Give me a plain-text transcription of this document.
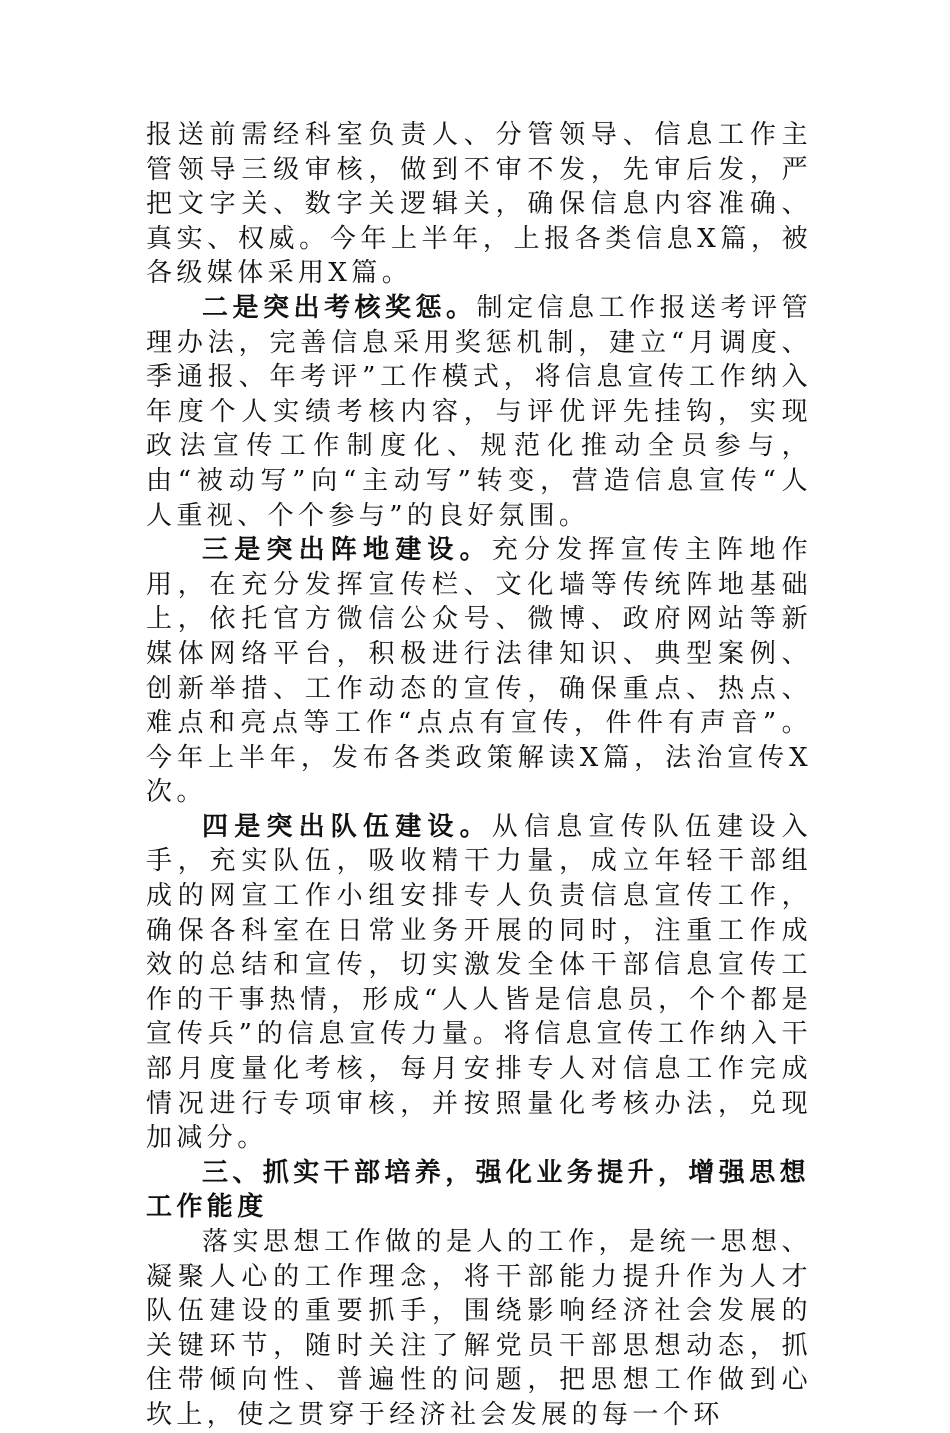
报送前需经科室负责人、分管领导、信息工作主管领导三级审核，做到不审不发，先审后发，严把文字关、数字关逻辑关，确保信息内容准确、真实、权威。今年上半年，上报各类信息X篇，被各级媒体采用X篇。

二是突出考核奖惩。制定信息工作报送考评管理办法，完善信息采用奖惩机制，建立“月调度、季通报、年考评”工作模式，将信息宣传工作纳入年度个人实绩考核内容，与评优评先挂钩，实现政法宣传工作制度化、规范化推动全员参与，由“被动写”向“主动写”转变，营造信息宣传“人人重视、个个参与”的良好氛围。

三是突出阵地建设。充分发挥宣传主阵地作用，在充分发挥宣传栏、文化墙等传统阵地基础上，依托官方微信公众号、微博、政府网站等新媒体网络平台，积极进行法律知识、典型案例、创新举措、工作动态的宣传，确保重点、热点、难点和亮点等工作“点点有宣传，件件有声音”。今年上半年，发布各类政策解读X篇，法治宣传X次。

四是突出队伍建设。从信息宣传队伍建设入手，充实队伍，吸收精干力量，成立年轻干部组成的网宣工作小组安排专人负责信息宣传工作，确保各科室在日常业务开展的同时，注重工作成效的总结和宣传，切实激发全体干部信息宣传工作的干事热情，形成“人人皆是信息员，个个都是宣传兵”的信息宣传力量。将信息宣传工作纳入干部月度量化考核，每月安排专人对信息工作完成情况进行专项审核，并按照量化考核办法，兑现加减分。

三、抓实干部培养，强化业务提升，增强思想工作能度

落实思想工作做的是人的工作，是统一思想、凝聚人心的工作理念，将干部能力提升作为人才队伍建设的重要抓手，围绕影响经济社会发展的关键环节，随时关注了解党员干部思想动态，抓住带倾向性、普遍性的问题，把思想工作做到心坎上，使之贯穿于经济社会发展的每一个环
